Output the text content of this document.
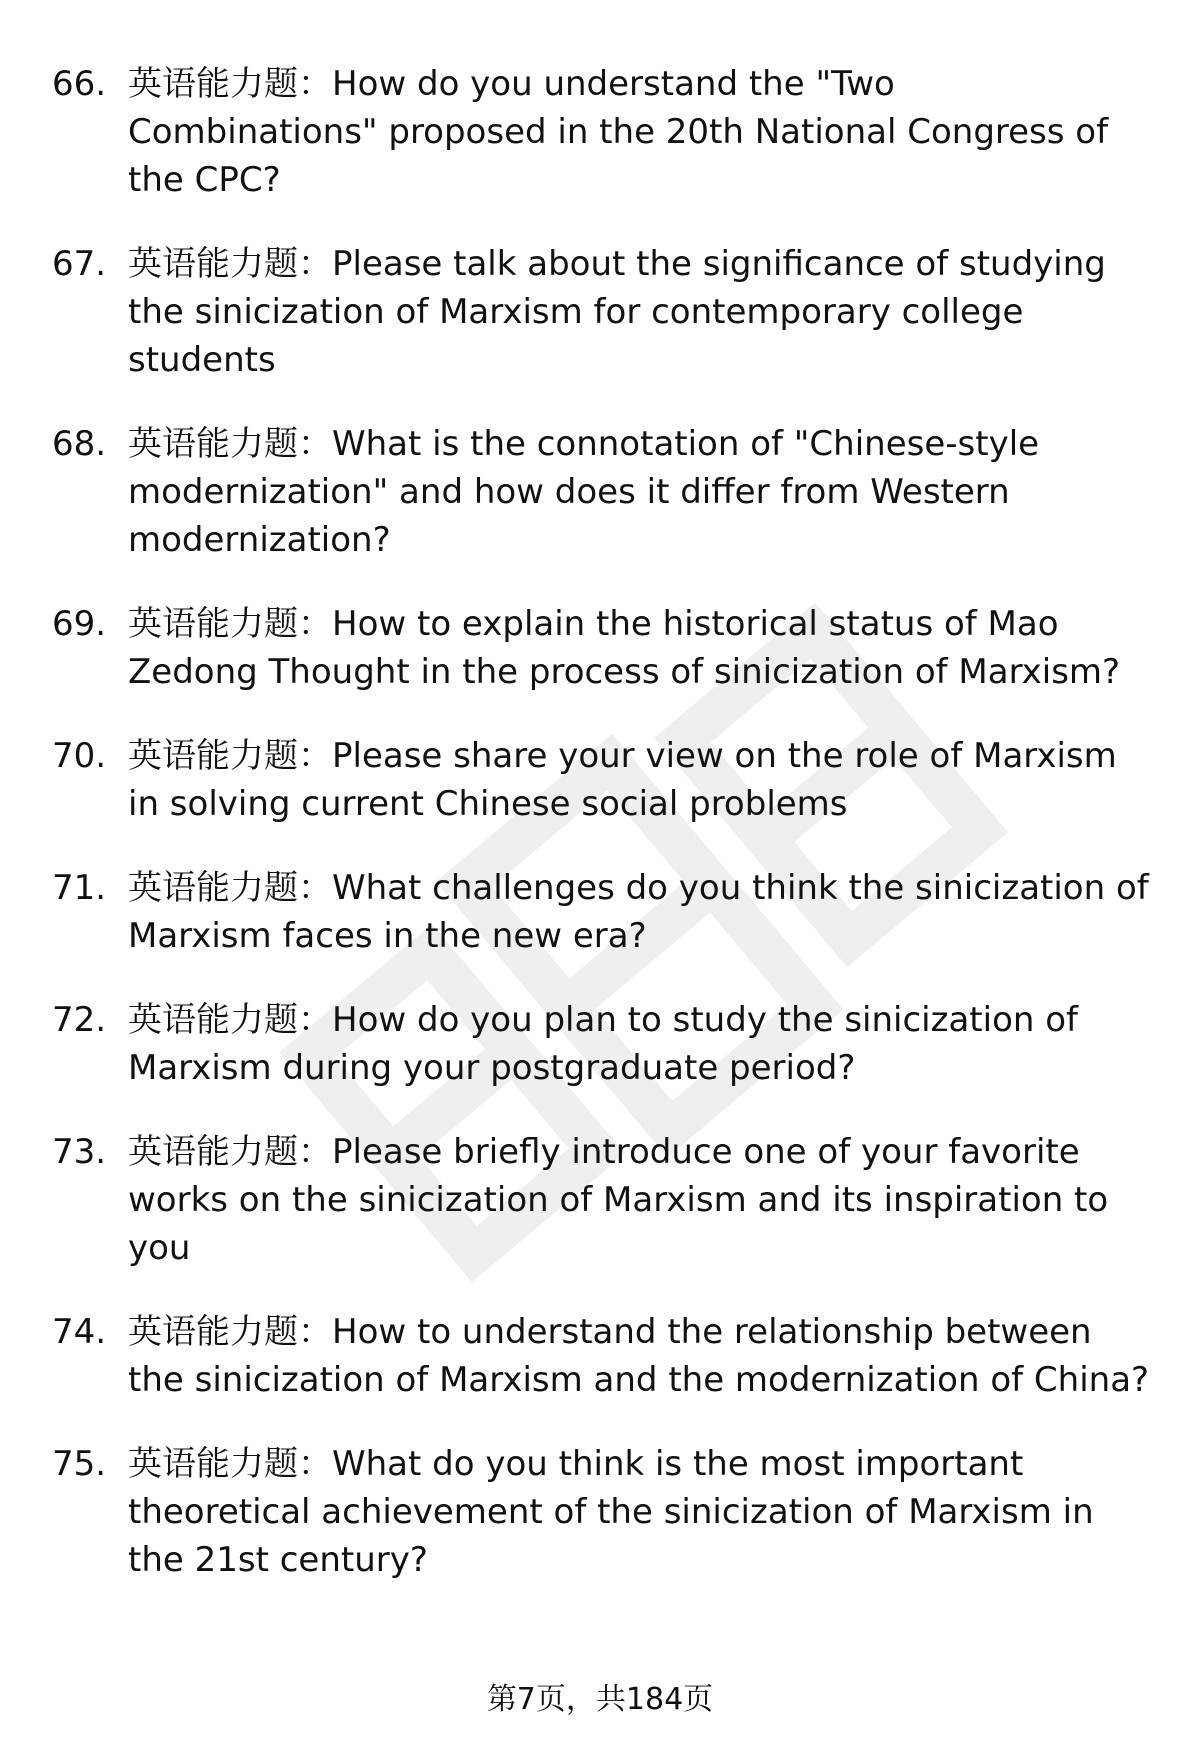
66. 英语能力题：How do you understand the "Two Combinations" proposed in the 20th National Congress of the CPC?
67. 英语能力题：Please talk about the significance of studying the sinicization of Marxism for contemporary college students
68. 英语能力题：What is the connotation of "Chinese-style modernization" and how does it differ from Western modernization?
69. 英语能力题：How to explain the historical status of Mao Zedong Thought in the process of sinicization of Marxism?
70. 英语能力题：Please share your view on the role of Marxism in solving current Chinese social problems
71. 英语能力题：What challenges do you think the sinicization of Marxism faces in the new era?
72. 英语能力题：How do you plan to study the sinicization of Marxism during your postgraduate period?
73. 英语能力题：Please briefly introduce one of your favorite works on the sinicization of Marxism and its inspiration to you
74. 英语能力题：How to understand the relationship between the sinicization of Marxism and the modernization of China?
75. 英语能力题：What do you think is the most important theoretical achievement of the sinicization of Marxism in the 21st century?
第7页，共184页
